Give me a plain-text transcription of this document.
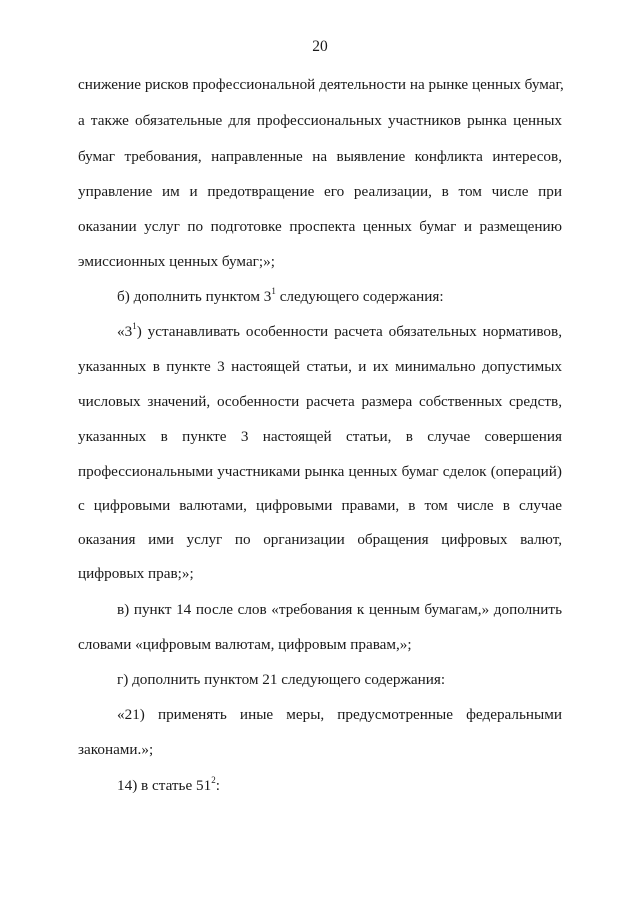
20
снижение рисков профессиональной деятельности на рынке ценных бумаг,
а также обязательные для профессиональных участников рынка ценных
бумаг требования, направленные на выявление конфликта интересов,
управление им и предотвращение его реализации, в том числе при
оказании услуг по подготовке проспекта ценных бумаг и размещению
эмиссионных ценных бумаг;»;
б) дополнить пунктом $3^1$ следующего содержания:
«$3^1$) устанавливать особенности расчета обязательных нормативов,
указанных в пункте 3 настоящей статьи, и их минимально допустимых
числовых значений, особенности расчета размера собственных средств,
указанных в пункте 3 настоящей статьи, в случае совершения
профессиональными участниками рынка ценных бумаг сделок (операций)
с цифровыми валютами, цифровыми правами, в том числе в случае
оказания ими услуг по организации обращения цифровых валют,
цифровых прав;»;
в) пункт 14 после слов «требования к ценным бумагам,» дополнить
словами «цифровым валютам, цифровым правам,»;
г) дополнить пунктом 21 следующего содержания:
«21) применять иные меры, предусмотренные федеральными
законами.»;
14) в статье $51^2$:
